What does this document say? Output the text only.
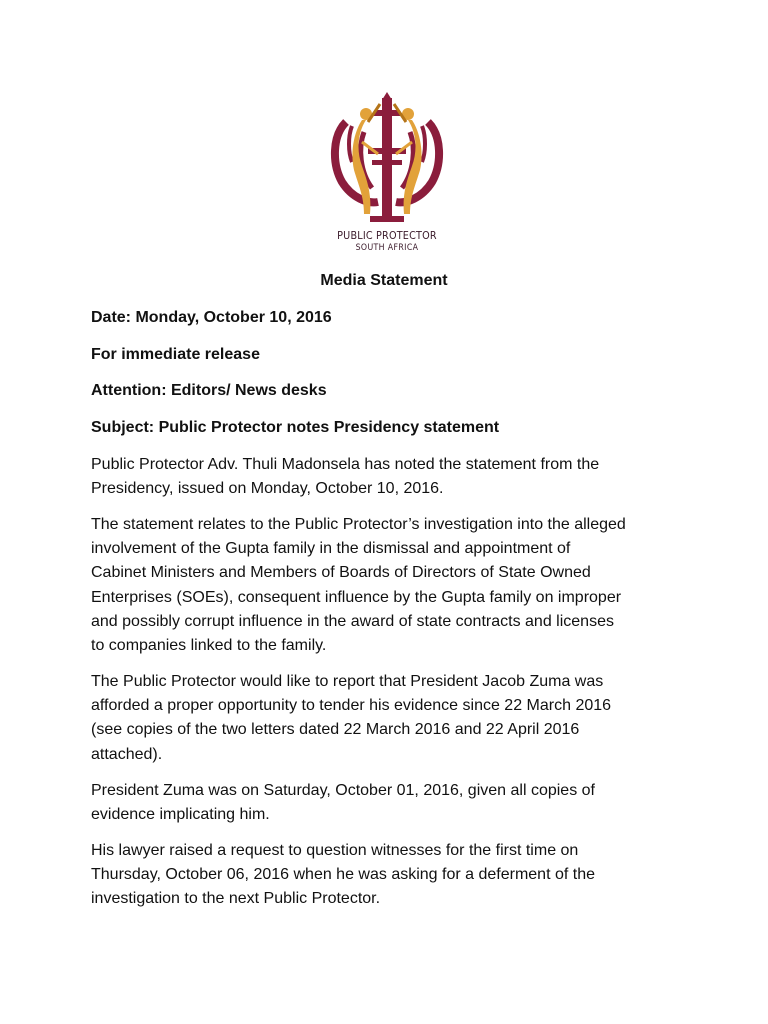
PUBLIC PROTECTOR
SOUTH AFRICA
Media Statement
Date: Monday, October 10, 2016
For immediate release
Attention: Editors/ News desks
Subject: Public Protector notes Presidency statement

Public Protector Adv. Thuli Madonsela has noted the statement from the
Presidency, issued on Monday, October 10, 2016.

The statement relates to the Public Protector’s investigation into the alleged
involvement of the Gupta family in the dismissal and appointment of
Cabinet Ministers and Members of Boards of Directors of State Owned
Enterprises (SOEs), consequent influence by the Gupta family on improper
and possibly corrupt influence in the award of state contracts and licenses
to companies linked to the family.

The Public Protector would like to report that President Jacob Zuma was
afforded a proper opportunity to tender his evidence since 22 March 2016
(see copies of the two letters dated 22 March 2016 and 22 April 2016
attached).

President Zuma was on Saturday, October 01, 2016, given all copies of
evidence implicating him.

His lawyer raised a request to question witnesses for the first time on
Thursday, October 06, 2016 when he was asking for a deferment of the
investigation to the next Public Protector.
